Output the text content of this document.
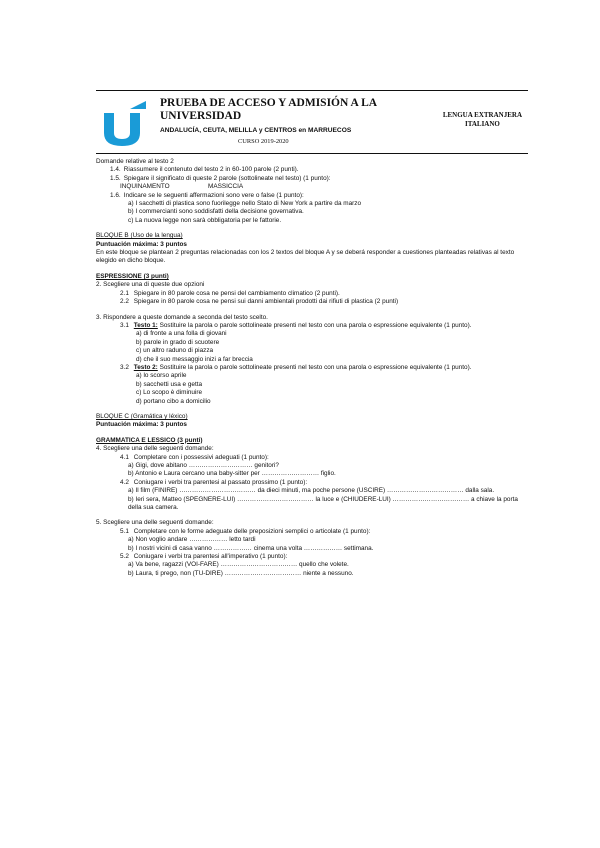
PRUEBA DE ACCESO Y ADMISIÓN A LA
UNIVERSIDAD
ANDALUCÍA, CEUTA, MELILLA y CENTROS en MARRUECOS
CURSO 2019-2020
LENGUA EXTRANJERA
ITALIANO
Domande relative al testo 2
1.4. Riassumere il contenuto del testo 2 in 60-100 parole (2 punti).
1.5. Spiegare il significato di queste 2 parole (sottolineate nel testo) (1 punto):
INQUINAMENTO	MASSICCIA
1.6. Indicare se le seguenti affermazioni sono vere o false (1 punto):
a) I sacchetti di plastica sono fuorilegge nello Stato di New York a partire da marzo
b) I commercianti sono soddisfatti della decisione governativa.
c) La nuova legge non sarà obbligatoria per le fattorie.
BLOQUE B (Uso de la lengua)
Puntuación máxima: 3 puntos
En este bloque se plantean 2 preguntas relacionadas con los 2 textos del bloque A y se deberá responder a cuestiones planteadas relativas al texto elegido en dicho bloque.
ESPRESSIONE (3 punti)
2. Scegliere una di queste due opzioni
2.1 Spiegare in 80 parole cosa ne pensi del cambiamento climatico (2 punti).
2.2 Spiegare in 80 parole cosa ne pensi sui danni ambientali prodotti dai rifiuti di plastica (2 punti)
3. Rispondere a queste domande a seconda del testo scelto.
3.1 Testo 1: Sostituire la parola o parole sottolineate presenti nel testo con una parola o espressione equivalente (1 punto).
a) di fronte a una folla di giovani
b) parole in grado di scuotere
c) un altro raduno di piazza
d) che il suo messaggio inizi a far breccia
3.2 Testo 2: Sostituire la parola o parole sottolineate presenti nel testo con una parola o espressione equivalente (1 punto).
a) lo scorso aprile
b) sacchetti usa e getta
c) Lo scopo è diminuire
d) portano cibo a domicilio
BLOQUE C (Gramática y léxico)
Puntuación máxima: 3 puntos
GRAMMATICA E LESSICO (3 punti)
4. Scegliere una delle seguenti domande:
4.1 Completare con i possessivi adeguati (1 punto):
a) Gigi, dove abitano ………………………… genitori?
b) Antonio e Laura cercano una baby-sitter per ……………………… figlio.
4.2 Coniugare i verbi tra parentesi al passato prossimo (1 punto):
a) Il film (FINIRE) ……………………………… da dieci minuti, ma poche persone (USCIRE) ……………………………… dalla sala.
b) Ieri sera, Matteo (SPEGNERE-LUI) ……………………………… la luce e (CHIUDERE-LUI) ……………………………… a chiave la porta della sua camera.
5. Scegliere una delle seguenti domande:
5.1 Completare con le forme adeguate delle preposizioni semplici o articolate (1 punto):
a) Non voglio andare ……………… letto tardi
b) I nostri vicini di casa vanno ……………… cinema una volta ……………… settimana.
5.2 Coniugare i verbi tra parentesi all'imperativo (1 punto):
a) Va bene, ragazzi (VOI-FARE) ……………………………… quello che volete.
b) Laura, ti prego, non (TU-DIRE) ……………………………… niente a nessuno.
